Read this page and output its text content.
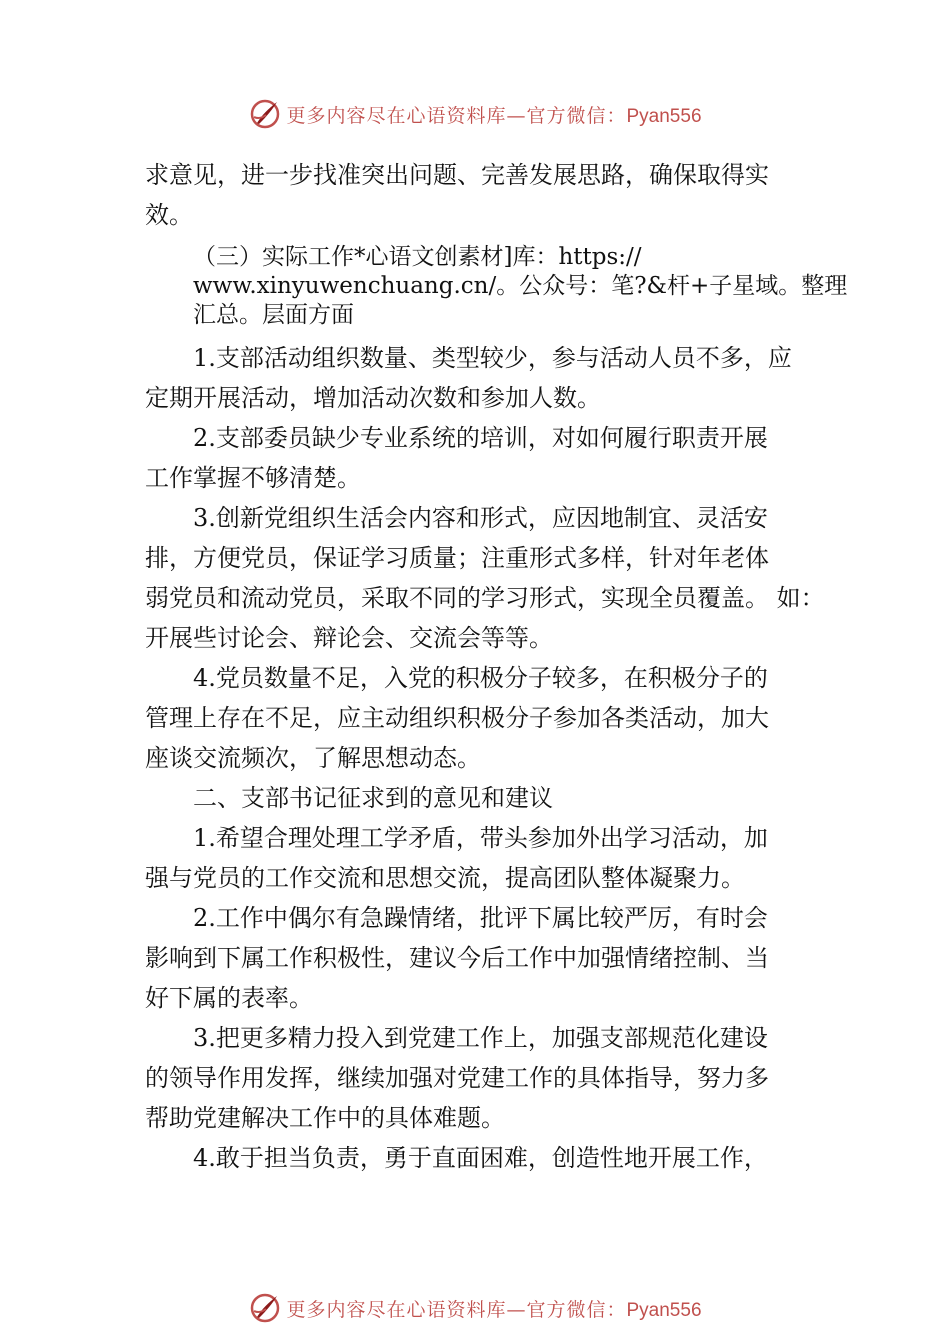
更多内容尽在心语资料库—官方微信：Pyan556

求意见，进一步找准突出问题、完善发展思路，确保取得实

效。

（三）实际工作*心语文创素材]库：https://
www.xinyuwenchuang.cn/。公众号：笔?&杆+子星域。整理
汇总。层面方面

1.支部活动组织数量、类型较少，参与活动人员不多，应

定期开展活动，增加活动次数和参加人数。

2.支部委员缺少专业系统的培训，对如何履行职责开展

工作掌握不够清楚。

3.创新党组织生活会内容和形式，应因地制宜、灵活安

排，方便党员，保证学习质量；注重形式多样，针对年老体

弱党员和流动党员，采取不同的学习形式，实现全员覆盖。 如：

开展些讨论会、辩论会、交流会等等。

4.党员数量不足，入党的积极分子较多，在积极分子的

管理上存在不足，应主动组织积极分子参加各类活动，加大

座谈交流频次，了解思想动态。

二、支部书记征求到的意见和建议

1.希望合理处理工学矛盾，带头参加外出学习活动，加

强与党员的工作交流和思想交流，提高团队整体凝聚力。

2.工作中偶尔有急躁情绪，批评下属比较严厉，有时会

影响到下属工作积极性，建议今后工作中加强情绪控制、当

好下属的表率。

3.把更多精力投入到党建工作上，加强支部规范化建设

的领导作用发挥，继续加强对党建工作的具体指导，努力多

帮助党建解决工作中的具体难题。

4.敢于担当负责，勇于直面困难，创造性地开展工作，

更多内容尽在心语资料库—官方微信：Pyan556
